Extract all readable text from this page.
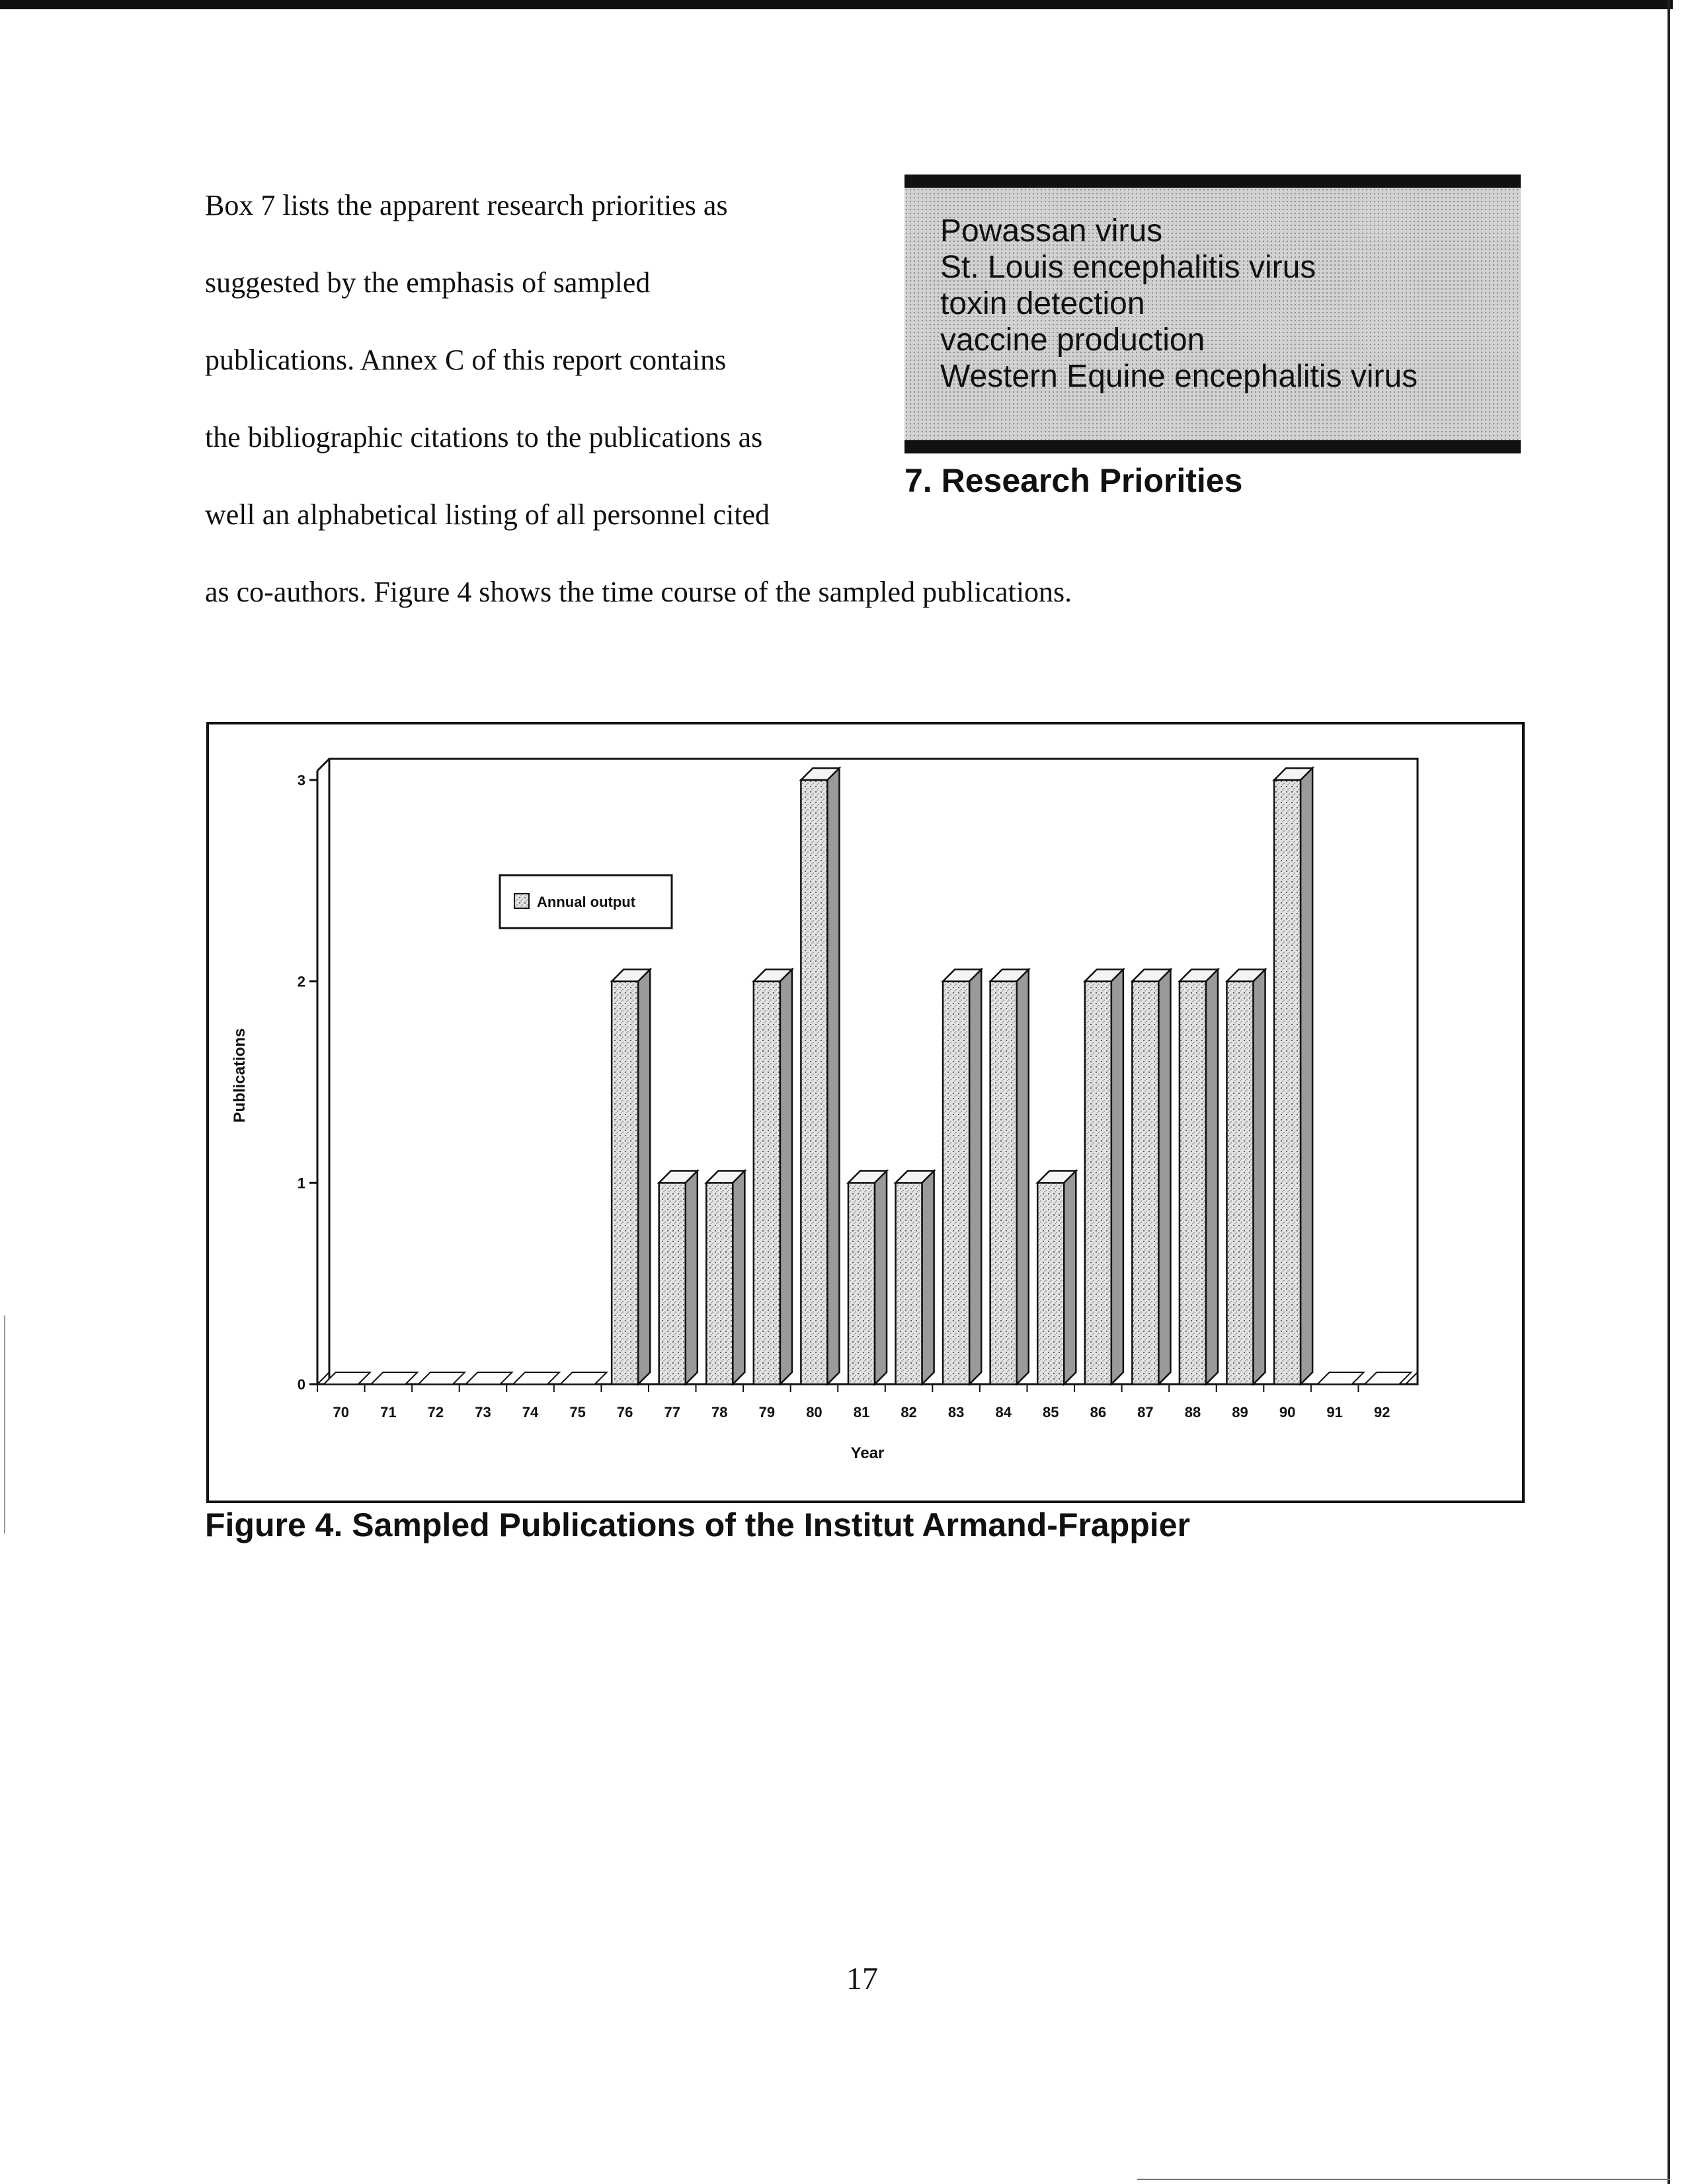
Box 7 lists the apparent research priorities as
suggested by the emphasis of sampled
publications. Annex C of this report contains
the bibliographic citations to the publications as
well an alphabetical listing of all personnel cited
as co-authors. Figure 4 shows the time course of the sampled publications.
Powassan virus
St. Louis encephalitis virus
toxin detection
vaccine production
Western Equine encephalitis virus
7. Research Priorities
0
1
2
3
Publications
70 71 72 73 74 75 76 77 78 79 80 81 82 83 84 85 86 87 88 89 90 91 92
Year
Annual output
Figure 4. Sampled Publications of the Institut Armand-Frappier
17
